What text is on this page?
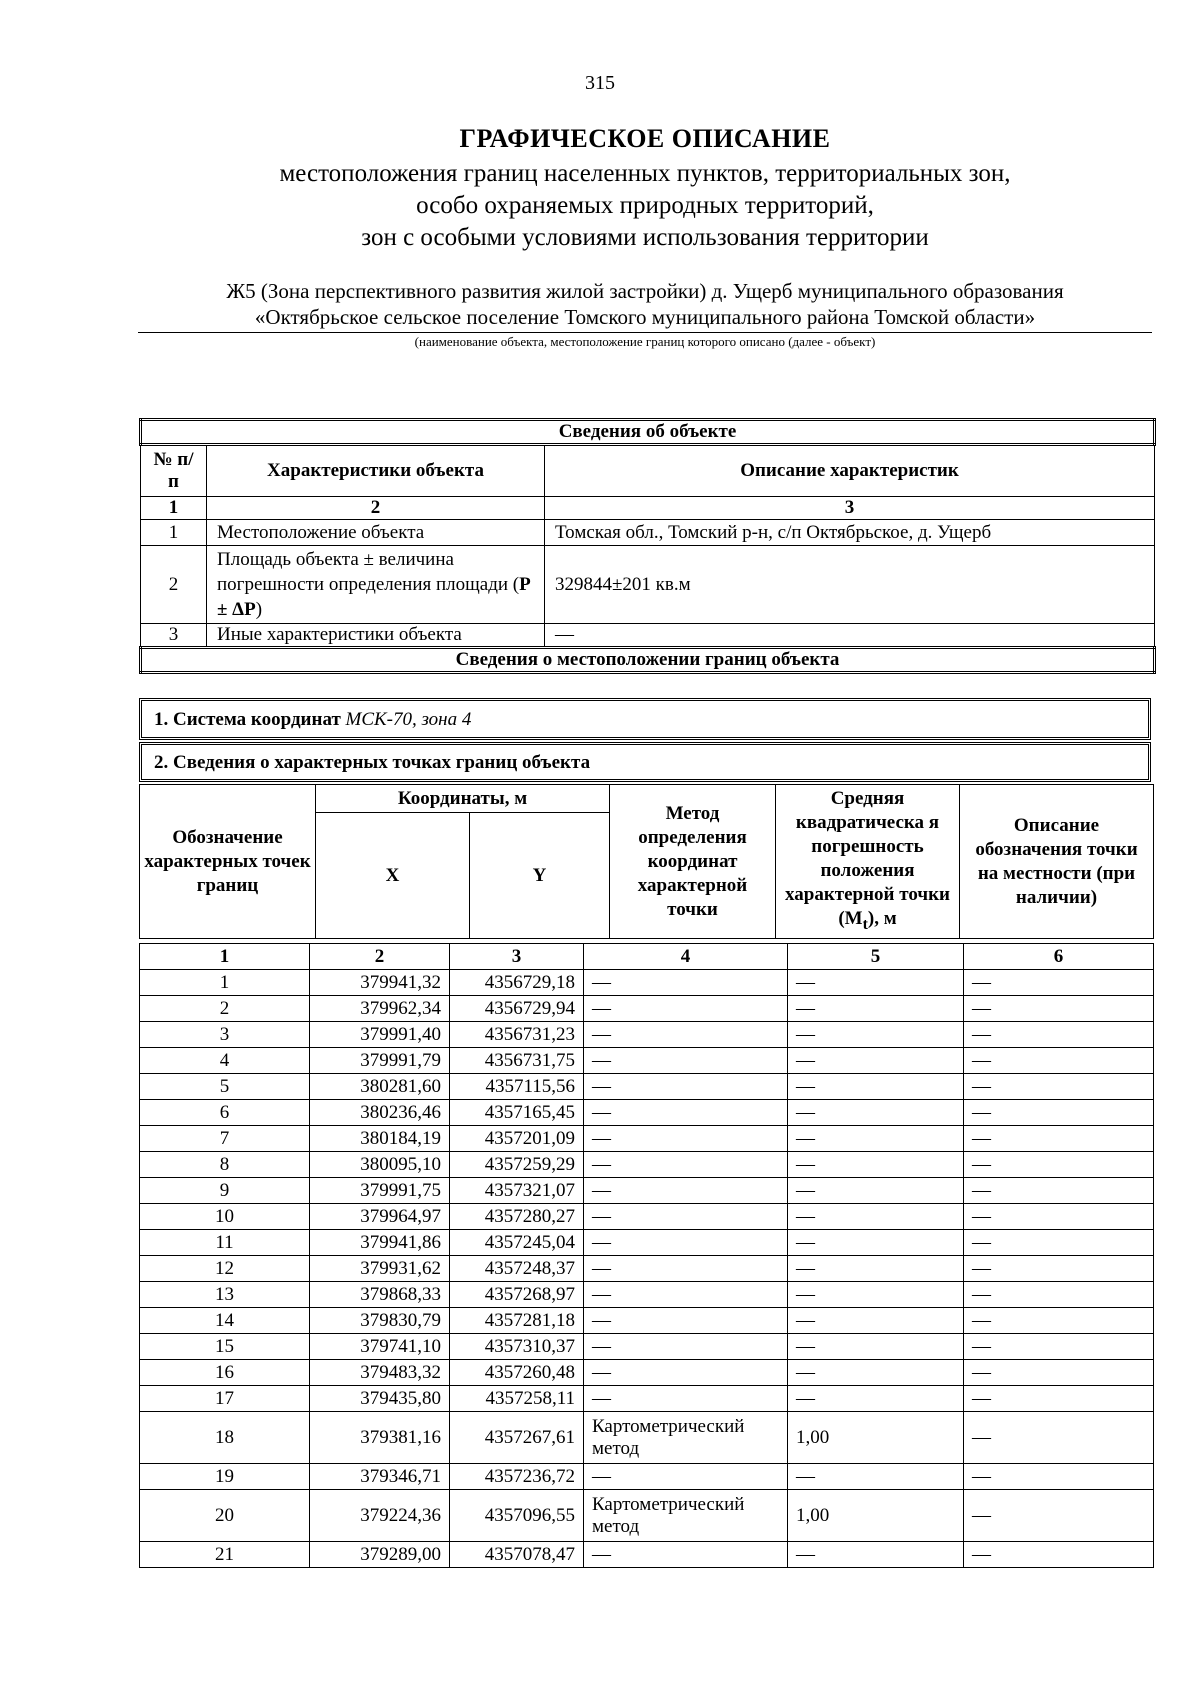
315
ГРАФИЧЕСКОЕ ОПИСАНИЕ
местоположения границ населенных пунктов, территориальных зон,
особо охраняемых природных территорий,
зон с особыми условиями использования территории
Ж5 (Зона перспективного развития жилой застройки) д. Ущерб муниципального образования
«Октябрьское сельское поселение Томского муниципального района Томской области»
(наименование объекта, местоположение границ которого описано (далее - объект)
Сведения об объекте		
№ п/п	Характеристики объекта	Описание характеристик
1	2	3
1	Местоположение объекта	Томская обл., Томский р-н, с/п Октябрьское, д. Ущерб
2	Площадь объекта ± величина погрешности определения площади (P ± ΔP)	329844±201 кв.м
3	Иные характеристики объекта	—
Сведения о местоположении границ объекта		
1. Система координат МСК-70, зона 4
2. Сведения о характерных точках границ объекта
Обозначение характерных точек границ	Координаты, м		Метод определения координат характерной точки	Средняя квадратическа я погрешность положения характерной точки $(M_t)$, м	Описание обозначения точки на местности (при наличии)
	X	Y			
1	2	3	4	5	6
1	379941,32	4356729,18	—	—	—
2	379962,34	4356729,94	—	—	—
3	379991,40	4356731,23	—	—	—
4	379991,79	4356731,75	—	—	—
5	380281,60	4357115,56	—	—	—
6	380236,46	4357165,45	—	—	—
7	380184,19	4357201,09	—	—	—
8	380095,10	4357259,29	—	—	—
9	379991,75	4357321,07	—	—	—
10	379964,97	4357280,27	—	—	—
11	379941,86	4357245,04	—	—	—
12	379931,62	4357248,37	—	—	—
13	379868,33	4357268,97	—	—	—
14	379830,79	4357281,18	—	—	—
15	379741,10	4357310,37	—	—	—
16	379483,32	4357260,48	—	—	—
17	379435,80	4357258,11	—	—	—
18	379381,16	4357267,61	Картометрический метод	1,00	—
19	379346,71	4357236,72	—	—	—
20	379224,36	4357096,55	Картометрический метод	1,00	—
21	379289,00	4357078,47	—	—	—
